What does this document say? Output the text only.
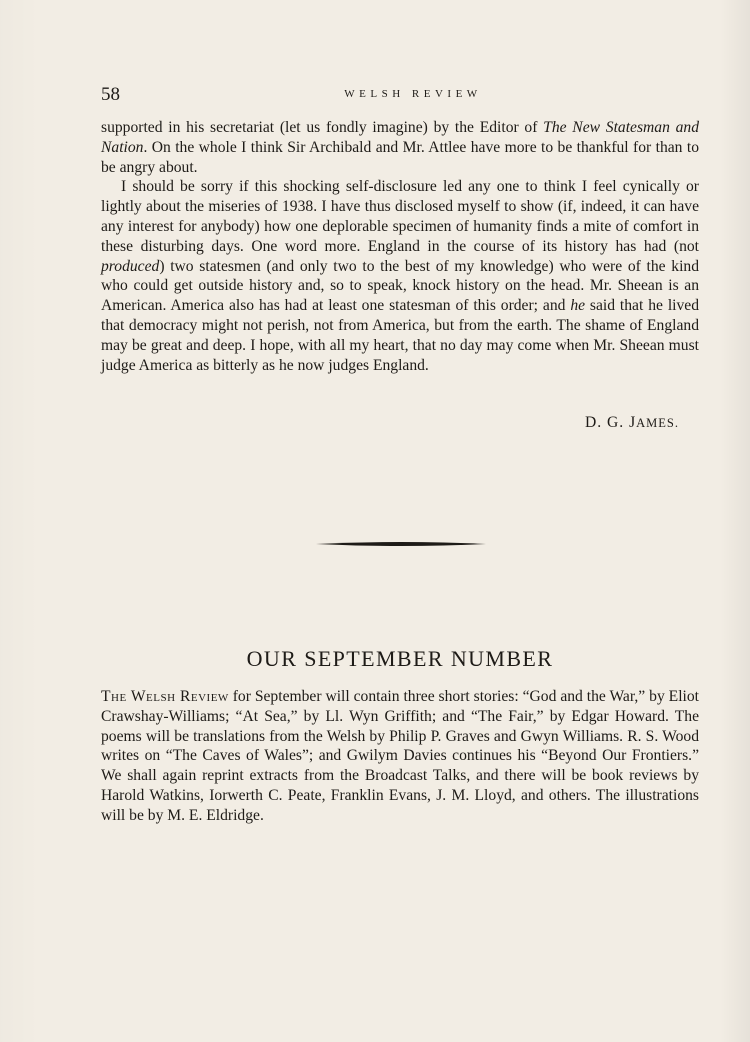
58	WELSH REVIEW

supported in his secretariat (let us fondly imagine) by the Editor of The New Statesman and Nation. On the whole I think Sir Archibald and Mr. Attlee have more to be thankful for than to be angry about.

I should be sorry if this shocking self-disclosure led any one to think I feel cynically or lightly about the miseries of 1938. I have thus disclosed myself to show (if, indeed, it can have any interest for anybody) how one deplorable specimen of humanity finds a mite of comfort in these disturbing days. One word more. England in the course of its history has had (not produced) two statesmen (and only two to the best of my knowledge) who were of the kind who could get outside history and, so to speak, knock history on the head. Mr. Sheean is an American. America also has had at least one statesman of this order; and he said that he lived that democracy might not perish, not from America, but from the earth. The shame of England may be great and deep. I hope, with all my heart, that no day may come when Mr. Sheean must judge America as bitterly as he now judges England.

D. G. JAMES.
OUR SEPTEMBER NUMBER

The Welsh Review for September will contain three short stories: “God and the War,” by Eliot Crawshay-Williams; “At Sea,” by Ll. Wyn Griffith; and “The Fair,” by Edgar Howard. The poems will be translations from the Welsh by Philip P. Graves and Gwyn Williams. R. S. Wood writes on “The Caves of Wales”; and Gwilym Davies continues his “Beyond Our Frontiers.” We shall again reprint extracts from the Broadcast Talks, and there will be book reviews by Harold Watkins, Iorwerth C. Peate, Franklin Evans, J. M. Lloyd, and others. The illustrations will be by M. E. Eldridge.
